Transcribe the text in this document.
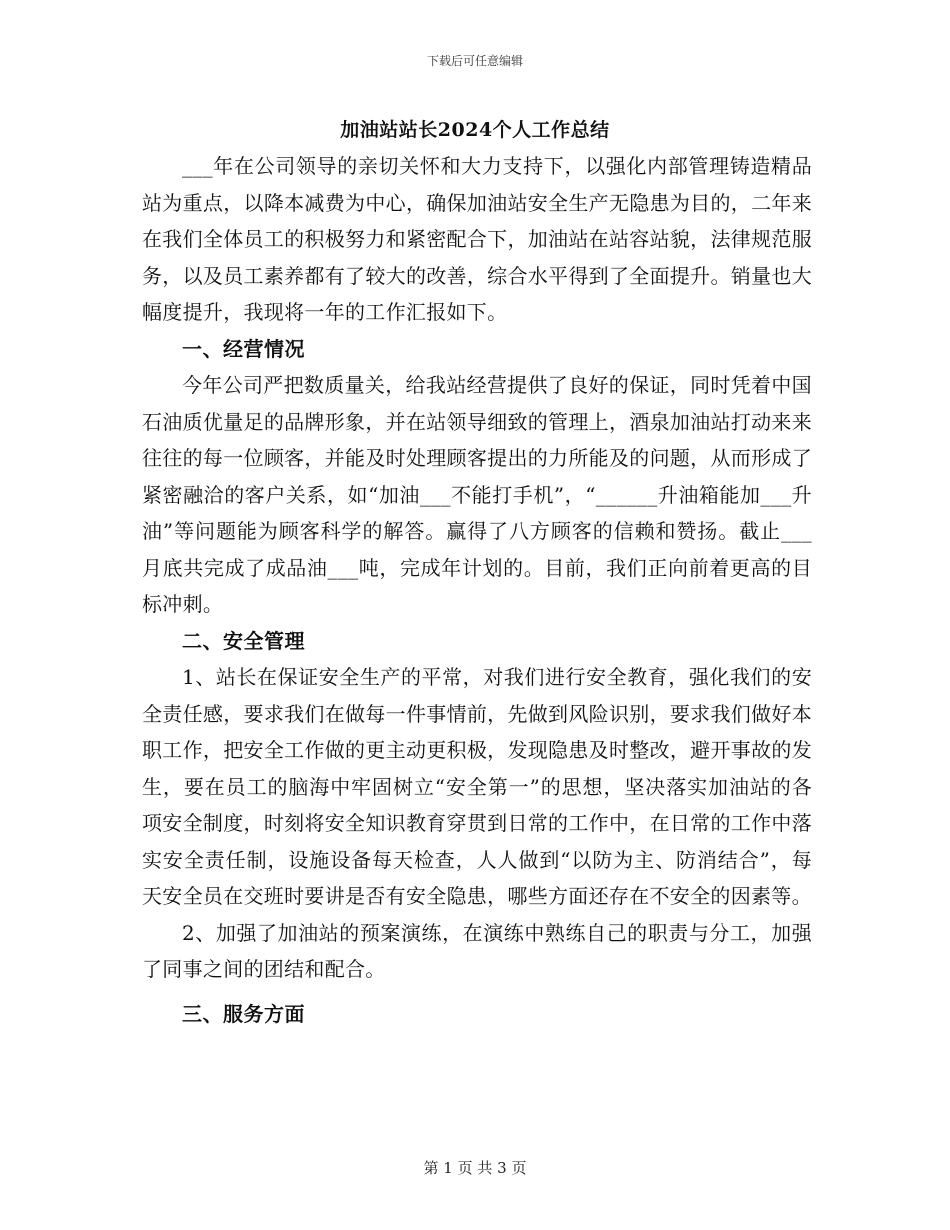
下载后可任意编辑
加油站站长2024个人工作总结

___年在公司领导的亲切关怀和大力支持下，以强化内部管理铸造精品站为重点，以降本减费为中心，确保加油站安全生产无隐患为目的，二年来在我们全体员工的积极努力和紧密配合下，加油站在站容站貌，法律规范服务，以及员工素养都有了较大的改善，综合水平得到了全面提升。销量也大幅度提升，我现将一年的工作汇报如下。

一、经营情况

今年公司严把数质量关，给我站经营提供了良好的保证，同时凭着中国石油质优量足的品牌形象，并在站领导细致的管理上，酒泉加油站打动来来往往的每一位顾客，并能及时处理顾客提出的力所能及的问题，从而形成了紧密融洽的客户关系，如“加油___不能打手机”，“______升油箱能加___升油”等问题能为顾客科学的解答。赢得了八方顾客的信赖和赞扬。截止___月底共完成了成品油___吨，完成年计划的。目前，我们正向前着更高的目标冲刺。

二、安全管理

1、站长在保证安全生产的平常，对我们进行安全教育，强化我们的安全责任感，要求我们在做每一件事情前，先做到风险识别，要求我们做好本职工作，把安全工作做的更主动更积极，发现隐患及时整改，避开事故的发生，要在员工的脑海中牢固树立“安全第一”的思想，坚决落实加油站的各项安全制度，时刻将安全知识教育穿贯到日常的工作中，在日常的工作中落实安全责任制，设施设备每天检查，人人做到“以防为主、防消结合”，每天安全员在交班时要讲是否有安全隐患，哪些方面还存在不安全的因素等。

2、加强了加油站的预案演练，在演练中熟练自己的职责与分工，加强了同事之间的团结和配合。

三、服务方面

第 1 页 共 3 页
